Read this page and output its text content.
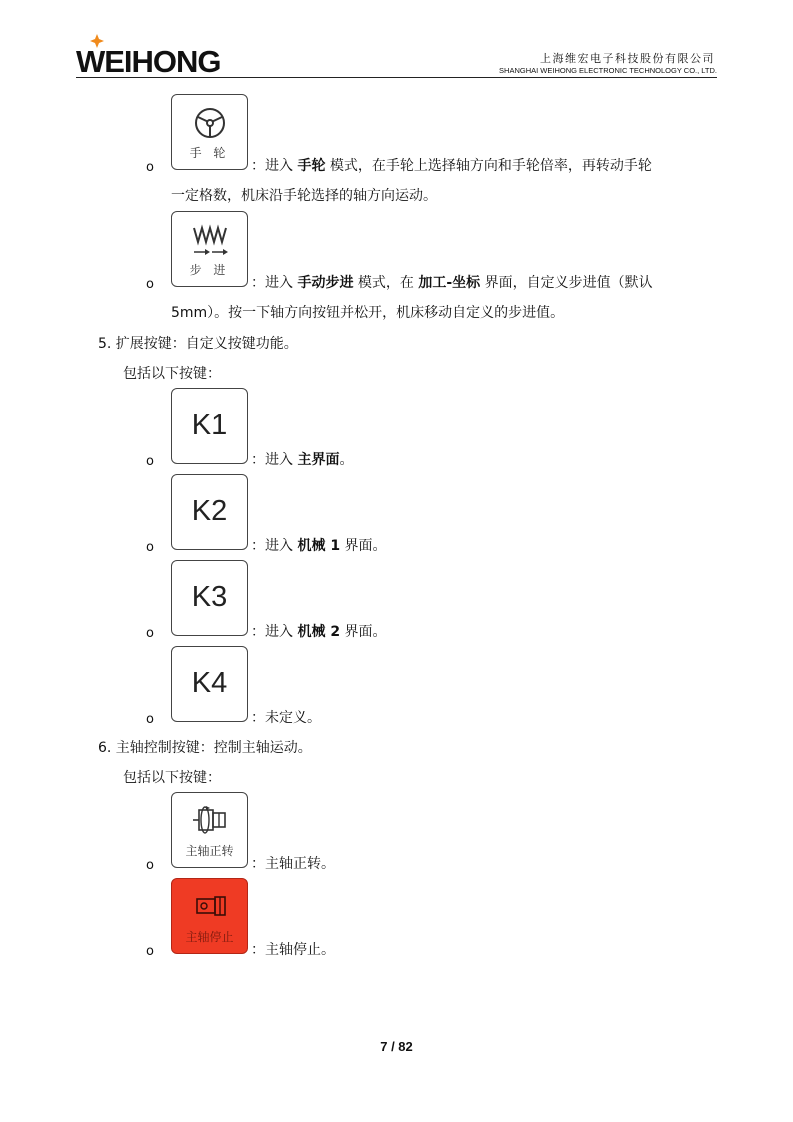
WEIHONG	上海维宏电子科技股份有限公司
SHANGHAI WEIHONG ELECTRONIC TECHNOLOGY CO., LTD.
手 轮
o	：进入 手轮 模式，在手轮上选择轴方向和手轮倍率，再转动手轮
一定格数，机床沿手轮选择的轴方向运动。
步 进
o	：进入 手动步进 模式，在 加工-坐标 界面，自定义步进值（默认
5mm）。按一下轴方向按钮并松开，机床移动自定义的步进值。
5. 扩展按键：自定义按键功能。
包括以下按键：
K1
o	：进入 主界面。
K2
o	：进入 机械 1 界面。
K3
o	：进入 机械 2 界面。
K4
o	：未定义。
6. 主轴控制按键：控制主轴运动。
包括以下按键：
主轴正转
o	：主轴正转。
主轴停止
o	：主轴停止。
7 / 82
